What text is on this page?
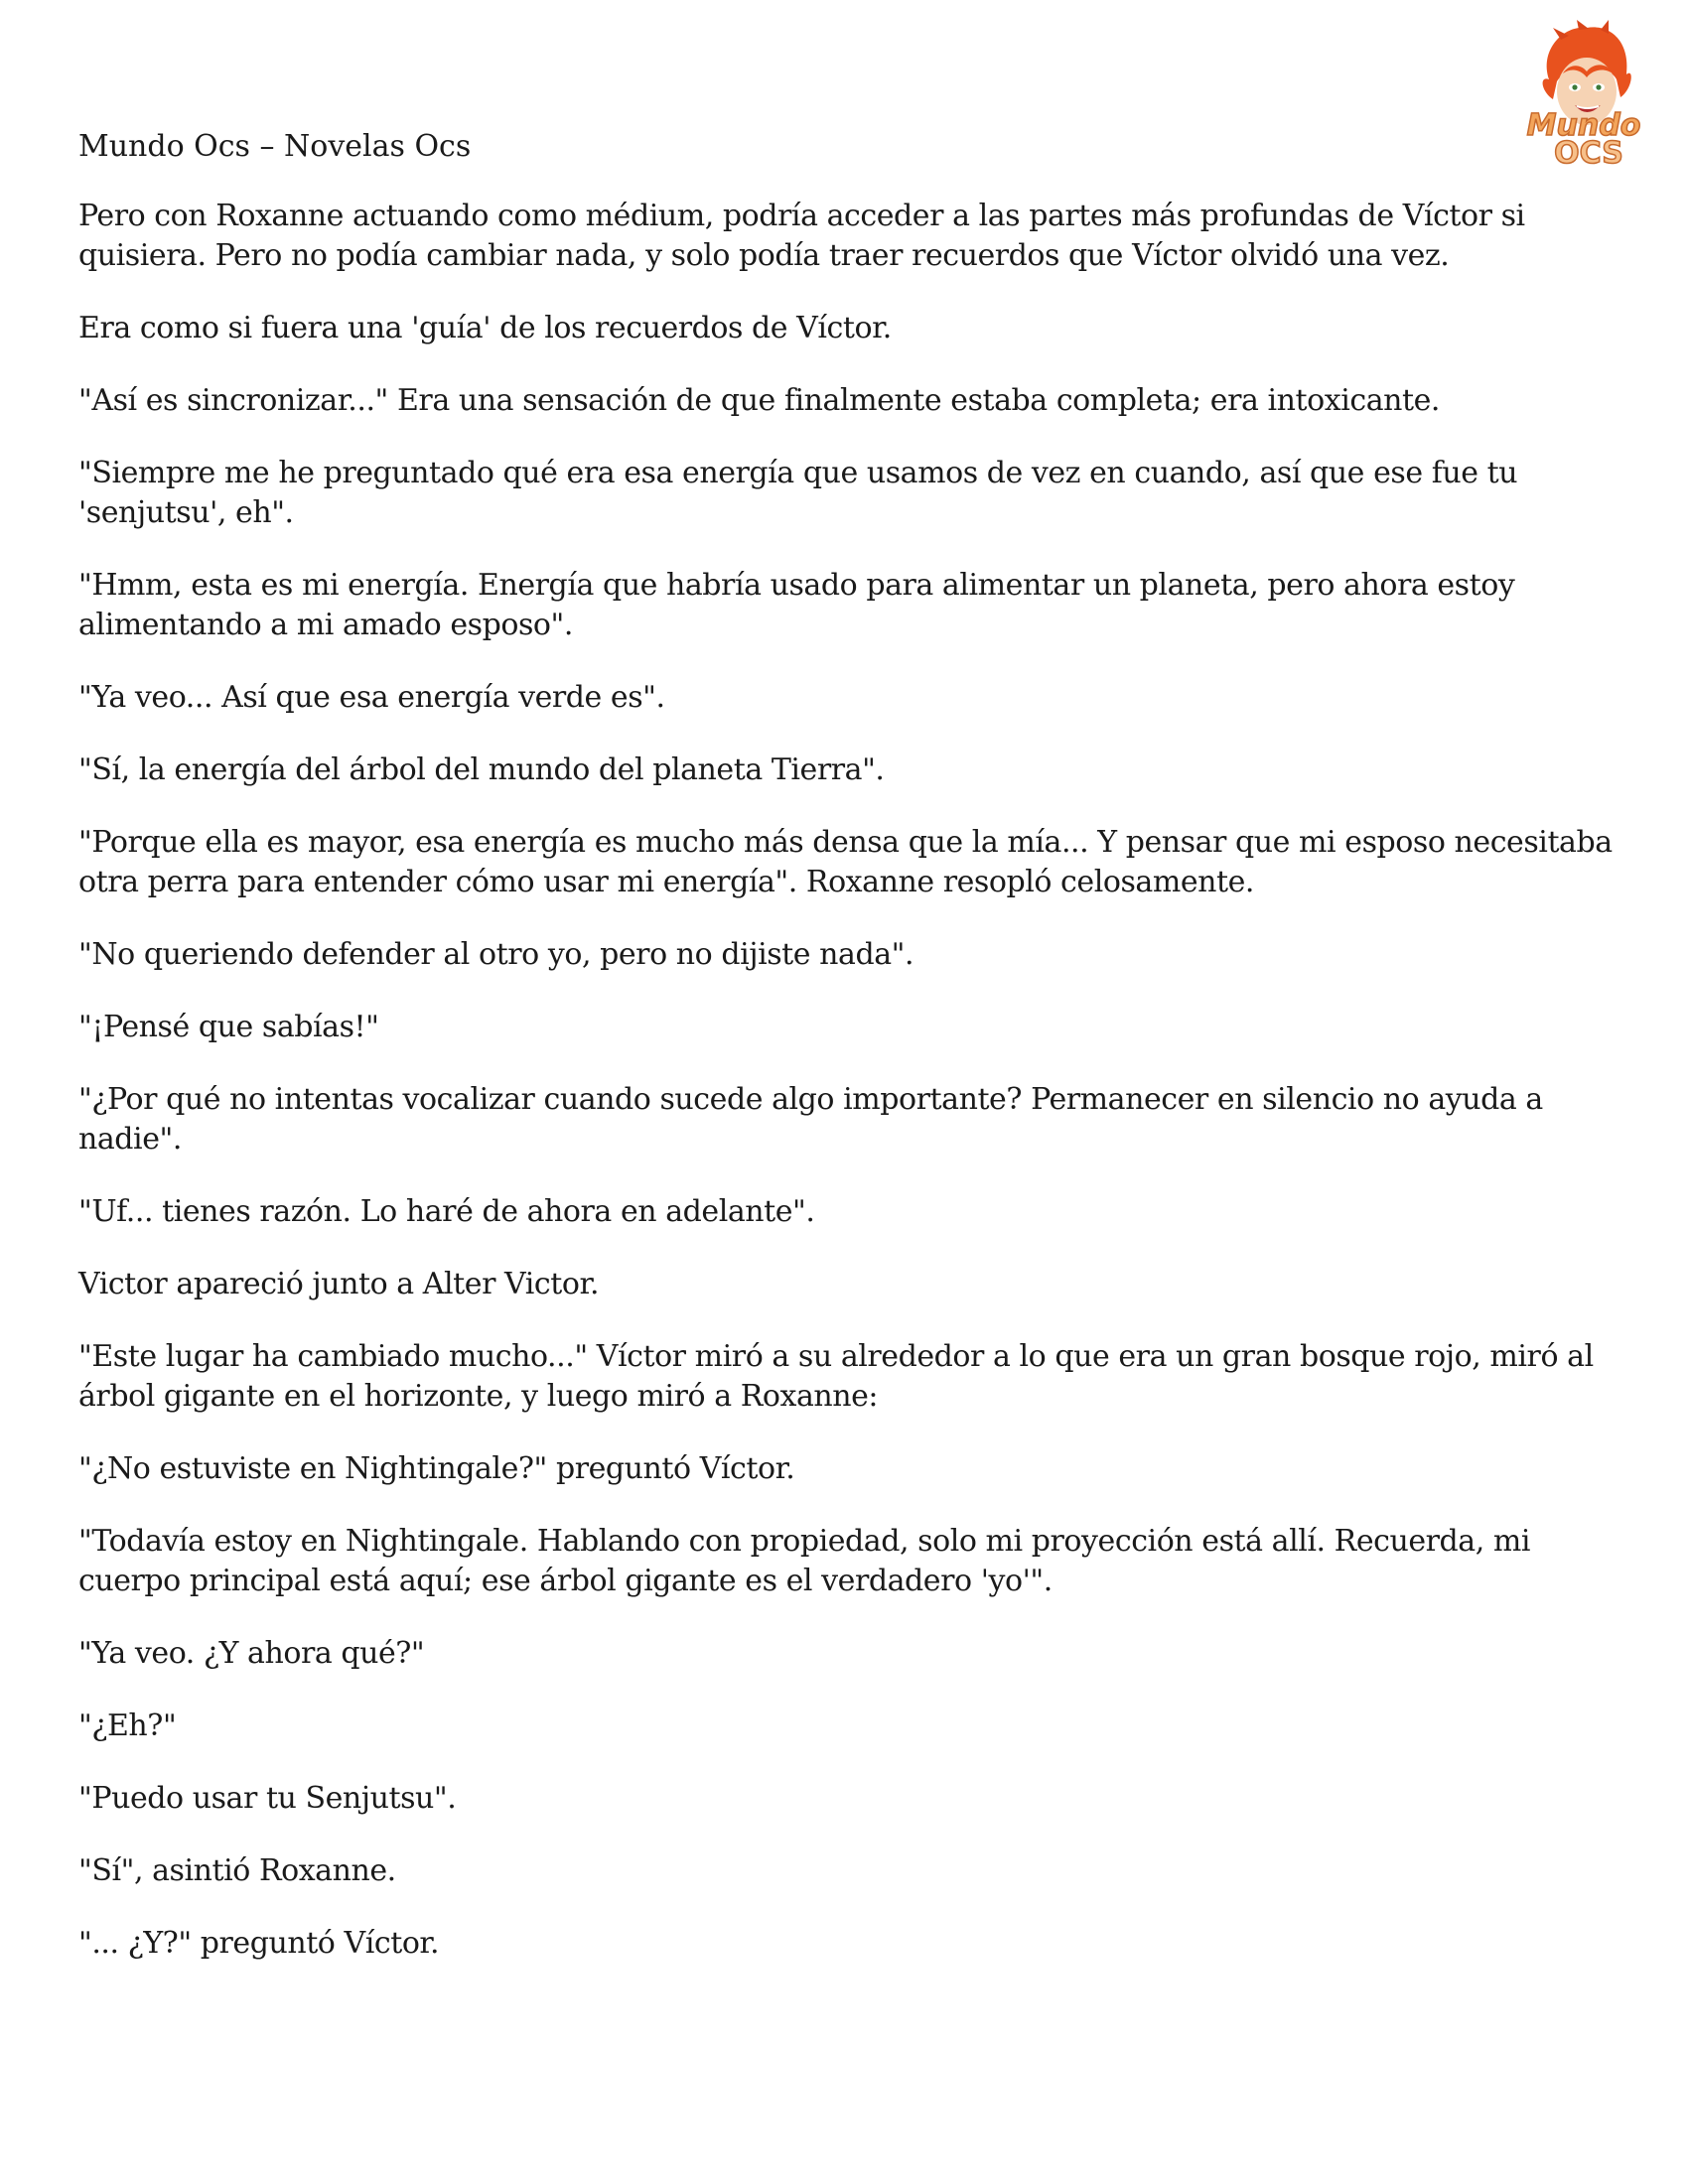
Mundo
OCS
Mundo Ocs – Novelas Ocs

Pero con Roxanne actuando como médium, podría acceder a las partes más profundas de Víctor si quisiera. Pero no podía cambiar nada, y solo podía traer recuerdos que Víctor olvidó una vez.

Era como si fuera una 'guía' de los recuerdos de Víctor.

"Así es sincronizar..." Era una sensación de que finalmente estaba completa; era intoxicante.

"Siempre me he preguntado qué era esa energía que usamos de vez en cuando, así que ese fue tu 'senjutsu', eh".

"Hmm, esta es mi energía. Energía que habría usado para alimentar un planeta, pero ahora estoy alimentando a mi amado esposo".

"Ya veo... Así que esa energía verde es".

"Sí, la energía del árbol del mundo del planeta Tierra".

"Porque ella es mayor, esa energía es mucho más densa que la mía... Y pensar que mi esposo necesitaba otra perra para entender cómo usar mi energía". Roxanne resopló celosamente.

"No queriendo defender al otro yo, pero no dijiste nada".

"¡Pensé que sabías!"

"¿Por qué no intentas vocalizar cuando sucede algo importante? Permanecer en silencio no ayuda a nadie".

"Uf... tienes razón. Lo haré de ahora en adelante".

Victor apareció junto a Alter Victor.

"Este lugar ha cambiado mucho..." Víctor miró a su alrededor a lo que era un gran bosque rojo, miró al árbol gigante en el horizonte, y luego miró a Roxanne:

"¿No estuviste en Nightingale?" preguntó Víctor.

"Todavía estoy en Nightingale. Hablando con propiedad, solo mi proyección está allí. Recuerda, mi cuerpo principal está aquí; ese árbol gigante es el verdadero 'yo'".

"Ya veo. ¿Y ahora qué?"

"¿Eh?"

"Puedo usar tu Senjutsu".

"Sí", asintió Roxanne.

"... ¿Y?" preguntó Víctor.
